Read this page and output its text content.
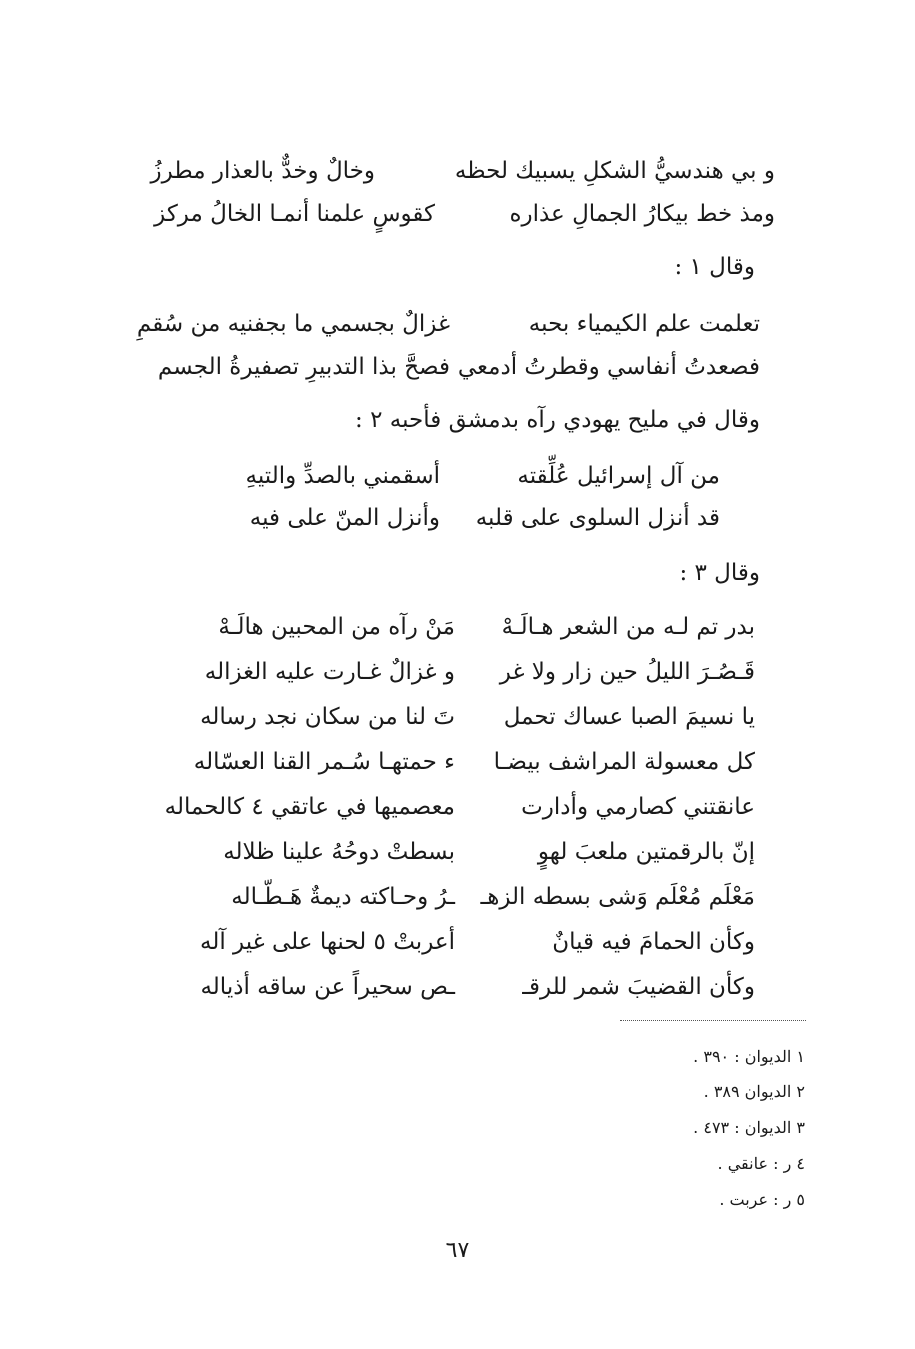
و بي هندسيُّ الشكلِ يسبيك لحظه
وخالٌ وخدٌّ بالعذار مطرزُ
ومذ خط بيكارُ الجمالِ عذاره
كقوسٍ علمنا أنمـا الخالُ مركز
وقال ١ :
تعلمت علم الكيمياء بحبه
غزالٌ بجسمي ما بجفنيه من سُقمِ
فصعدتُ أنفاسي وقطرتُ أدمعي
فصحَّ بذا التدبيرِ تصفيرةُ الجسم
وقال في مليح يهودي رآه بدمشق فأحبه ٢ :
من آل إسرائيل عُلِّقته
أسقمني بالصدِّ والتيهِ
قد أنزل السلوى على قلبه
وأنزل المنّ على فيه
وقال ٣ :
بدر تم لـه من الشعر هـالَـهْ
مَنْ رآه من المحبين هالَـهْ
قَـصُـرَ الليلُ حين زار ولا غر
و غزالٌ غـارت عليه الغزاله
يا نسيمَ الصبا عساك تحمل
تَ لنا من سكان نجد رساله
كل معسولة المراشف بيضـا
ء حمتهـا سُـمر القنا العسّاله
عانقتني كصارمي وأدارت
معصميها في عاتقي ٤ كالحماله
إنّ بالرقمتين ملعبَ لهوٍ
بسطتْ دوحُهُ علينا ظلاله
مَعْلَم مُعْلَم وَشى بسطه الزهـ
ـرُ وحـاكته ديمةٌ هَـطّـاله
وكأن الحمامَ فيه قيانٌ
أعربتْ ٥ لحنها على غير آله
وكأن القضيبَ شمر للرقـ
ـص سحيراً عن ساقه أذياله
١ الديوان : ٣٩٠ .
٢ الديوان ٣٨٩ .
٣ الديوان : ٤٧٣ .
٤ ر : عانقي .
٥ ر : عربت .
٦٧
